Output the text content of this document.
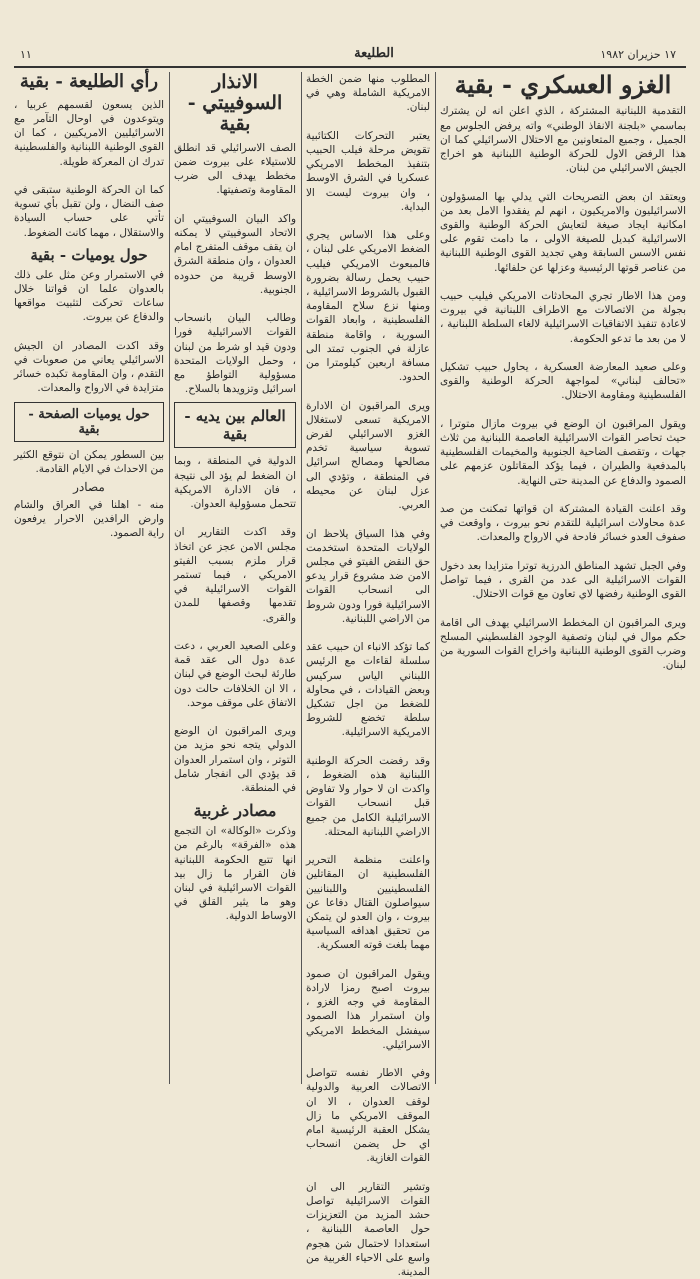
١١	الطليعة	١٧ حزيران ١٩٨٢
الغزو العسكري - بقية

التقدمية اللبنانية المشتركة ، الذي اعلن انه لن يشترك بماسمي «بلجنة الانقاذ الوطني» واته يرفض الجلوس مع الجميل ، وجميع المتعاونين مع الاحتلال الاسرائيلي كما ان هذا الرفض الاول للحركة الوطنية اللبنانية هو اخراج الجيش الاسرائيلي من لبنان.

ويعتقد ان بعض التصريحات التي يدلي بها المسؤولون الاسرائيليون والامريكيون ، انهم لم يفقدوا الامل بعد من امكانية ايجاد صيغة لتعايش الحركة الوطنية والقوى الاسرائيلية كبديل للصيغة الاولى ، ما دامت تقوم على نفس الاسس السابقة وهي تجديد القوى الوطنية اللبنانية من عناصر قوتها الرئيسية وعزلها عن حلفائها.

ومن هذا الاطار تجري المحادثات الامريكي فيليب حبيب بجولة من الاتصالات مع الاطراف اللبنانية في بيروت لاعادة تنفيذ الاتفاقيات الاسرائيلية لالغاء السلطة اللبنانية ، لا من بعد ما تدعو الحكومة.

وعلى صعيد المعارضة العسكرية ، يحاول حبيب تشكيل «تحالف لبناني» لمواجهة الحركة الوطنية والقوى الفلسطينية ومقاومة الاحتلال.

ويقول المراقبون ان الوضع في بيروت مازال متوترا ، حيث تحاصر القوات الاسرائيلية العاصمة اللبنانية من ثلاث جهات ، وتقصف الضاحية الجنوبية والمخيمات الفلسطينية بالمدفعية والطيران ، فيما يؤكد المقاتلون عزمهم على الصمود والدفاع عن المدينة حتى النهاية.

وقد اعلنت القيادة المشتركة ان قواتها تمكنت من صد عدة محاولات اسرائيلية للتقدم نحو بيروت ، واوقعت في صفوف العدو خسائر فادحة في الارواح والمعدات.

وفي الجبل تشهد المناطق الدرزية توترا متزايدا بعد دخول القوات الاسرائيلية الى عدد من القرى ، فيما تواصل القوى الوطنية رفضها لاي تعاون مع قوات الاحتلال.

ويرى المراقبون ان المخطط الاسرائيلي يهدف الى اقامة حكم موال في لبنان وتصفية الوجود الفلسطيني المسلح وضرب القوى الوطنية اللبنانية واخراج القوات السورية من لبنان.

المطلوب منها ضمن الخطة الامريكية الشاملة وهي في لبنان.

يعتبر التحركات الكتائبية تقويض مرحلة فيلب الحبيب بتنفيذ المخطط الامريكي عسكريا في الشرق الاوسط ، وان بيروت ليست الا البداية.

وعلى هذا الاساس يجري الضغط الامريكي على لبنان ، فالمبعوث الامريكي فيليب حبيب يحمل رسالة بضرورة القبول بالشروط الاسرائيلية ، ومنها نزع سلاح المقاومة الفلسطينية ، وابعاد القوات السورية ، واقامة منطقة عازلة في الجنوب تمتد الى مسافة اربعين كيلومترا من الحدود.

ويرى المراقبون ان الادارة الامريكية تسعى لاستغلال الغزو الاسرائيلي لفرض تسوية سياسية تخدم مصالحها ومصالح اسرائيل في المنطقة ، وتؤدي الى عزل لبنان عن محيطه العربي.

وفي هذا السياق يلاحظ ان الولايات المتحدة استخدمت حق النقض الفيتو في مجلس الامن ضد مشروع قرار يدعو الى انسحاب القوات الاسرائيلية فورا ودون شروط من الاراضي اللبنانية.

كما تؤكد الانباء ان حبيب عقد سلسلة لقاءات مع الرئيس اللبناني الياس سركيس وبعض القيادات ، في محاولة للضغط من اجل تشكيل سلطة تخضع للشروط الامريكية الاسرائيلية.

وقد رفضت الحركة الوطنية اللبنانية هذه الضغوط ، واكدت ان لا حوار ولا تفاوض قبل انسحاب القوات الاسرائيلية الكامل من جميع الاراضي اللبنانية المحتلة.

واعلنت منظمة التحرير الفلسطينية ان المقاتلين الفلسطينيين واللبنانيين سيواصلون القتال دفاعا عن بيروت ، وان العدو لن يتمكن من تحقيق اهدافه السياسية مهما بلغت قوته العسكرية.

ويقول المراقبون ان صمود بيروت اصبح رمزا لارادة المقاومة في وجه الغزو ، وان استمرار هذا الصمود سيفشل المخطط الامريكي الاسرائيلي.

وفي الاطار نفسه تتواصل الاتصالات العربية والدولية لوقف العدوان ، الا ان الموقف الامريكي ما زال يشكل العقبة الرئيسية امام اي حل يضمن انسحاب القوات الغازية.

وتشير التقارير الى ان القوات الاسرائيلية تواصل حشد المزيد من التعزيزات حول العاصمة اللبنانية ، استعدادا لاحتمال شن هجوم واسع على الاحياء الغربية من المدينة.

الانذار السوفييتي - بقية

الصف الاسرائيلي قد انطلق للاستيلاء على بيروت ضمن مخطط يهدف الى ضرب المقاومة وتصفيتها.

واكد البيان السوفييتي ان الاتحاد السوفييتي لا يمكنه ان يقف موقف المتفرج امام العدوان ، وان منطقة الشرق الاوسط قريبة من حدوده الجنوبية.

وطالب البيان بانسحاب القوات الاسرائيلية فورا ودون قيد او شرط من لبنان ، وحمل الولايات المتحدة مسؤولية التواطؤ مع اسرائيل وتزويدها بالسلاح.

العالم بين يديه - بقية

الدولية في المنطقة ، وبما ان الضغط لم يؤد الى نتيجة ، فان الادارة الامريكية تتحمل مسؤولية العدوان.

وقد اكدت التقارير ان مجلس الامن عجز عن اتخاذ قرار ملزم بسبب الفيتو الامريكي ، فيما تستمر القوات الاسرائيلية في تقدمها وقصفها للمدن والقرى.

وعلى الصعيد العربي ، دعت عدة دول الى عقد قمة طارئة لبحث الوضع في لبنان ، الا ان الخلافات حالت دون الاتفاق على موقف موحد.

ويرى المراقبون ان الوضع الدولي يتجه نحو مزيد من التوتر ، وان استمرار العدوان قد يؤدي الى انفجار شامل في المنطقة.

مصادر غربية

وذكرت «الوكالة» ان التجمع هذه «الفرقة» بالرغم من انها تتبع الحكومة اللبنانية فان القرار ما زال بيد القوات الاسرائيلية في لبنان وهو ما يثير القلق في الاوساط الدولية.

رأي الطليعة - بقية

الذين يسعون لقسمهم عربيا ، ويتوعدون في اوحال التآمر مع الاسرائيليين الامريكيين ، كما ان القوى الوطنية اللبنانية والفلسطينية تدرك ان المعركة طويلة.

كما ان الحركة الوطنية ستبقى في صف النضال ، ولن تقبل بأي تسوية تأتي على حساب السيادة والاستقلال ، مهما كانت الضغوط.

حول يوميات - بقية

في الاستمرار وعن مثل على ذلك بالعدوان علما ان قواتنا خلال ساعات تحركت لتثبيت مواقعها والدفاع عن بيروت.

وقد اكدت المصادر ان الجيش الاسرائيلي يعاني من صعوبات في التقدم ، وان المقاومة تكبده خسائر متزايدة في الارواح والمعدات.

حول يوميات الصفحة - بقية

بين السطور يمكن ان نتوقع الكثير من الاحداث في الايام القادمة.

مصادر

منه - اهلنا في العراق والشام وارض الرافدين الاحرار يرفعون راية الصمود.
